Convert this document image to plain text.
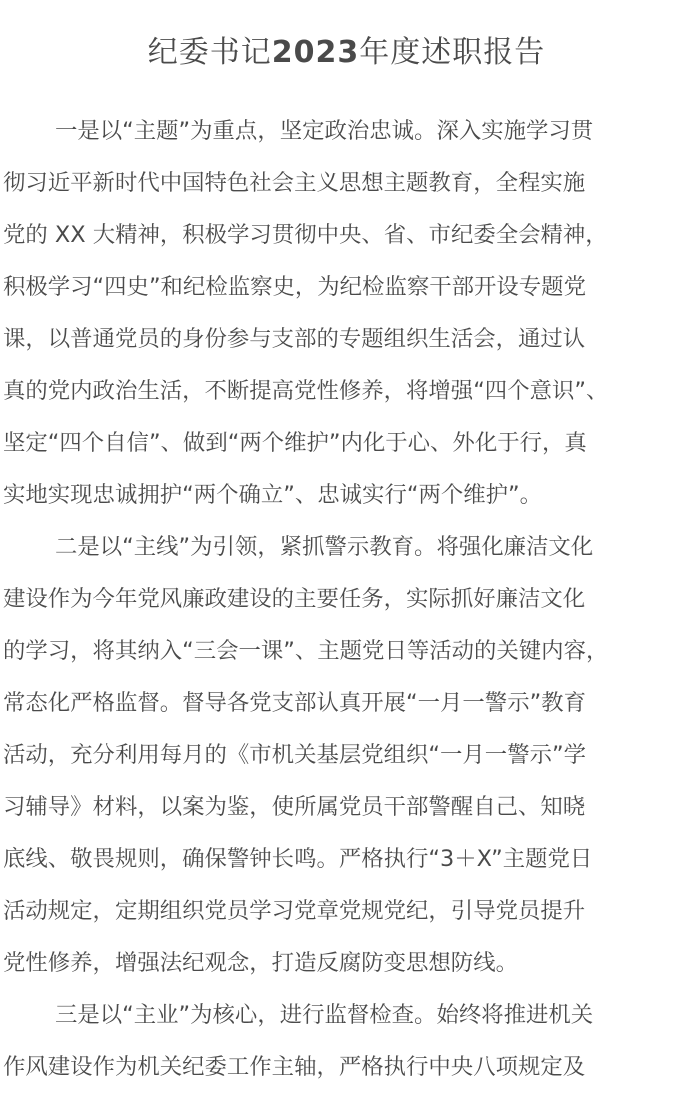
纪委书记2023年度述职报告
一是以“主题”为重点，坚定政治忠诚。深入实施学习贯
彻习近平新时代中国特色社会主义思想主题教育，全程实施
党的 XX 大精神，积极学习贯彻中央、省、市纪委全会精神，
积极学习“四史”和纪检监察史，为纪检监察干部开设专题党
课，以普通党员的身份参与支部的专题组织生活会，通过认
真的党内政治生活，不断提高党性修养，将增强“四个意识”、
坚定“四个自信”、做到“两个维护”内化于心、外化于行，真
实地实现忠诚拥护“两个确立”、忠诚实行“两个维护”。
二是以“主线”为引领，紧抓警示教育。将强化廉洁文化
建设作为今年党风廉政建设的主要任务，实际抓好廉洁文化
的学习，将其纳入“三会一课”、主题党日等活动的关键内容，
常态化严格监督。督导各党支部认真开展“一月一警示”教育
活动，充分利用每月的《市机关基层党组织“一月一警示”学
习辅导》材料，以案为鉴，使所属党员干部警醒自己、知晓
底线、敬畏规则，确保警钟长鸣。严格执行“3＋X”主题党日
活动规定，定期组织党员学习党章党规党纪，引导党员提升
党性修养，增强法纪观念，打造反腐防变思想防线。
三是以“主业”为核心，进行监督检查。始终将推进机关
作风建设作为机关纪委工作主轴，严格执行中央八项规定及
